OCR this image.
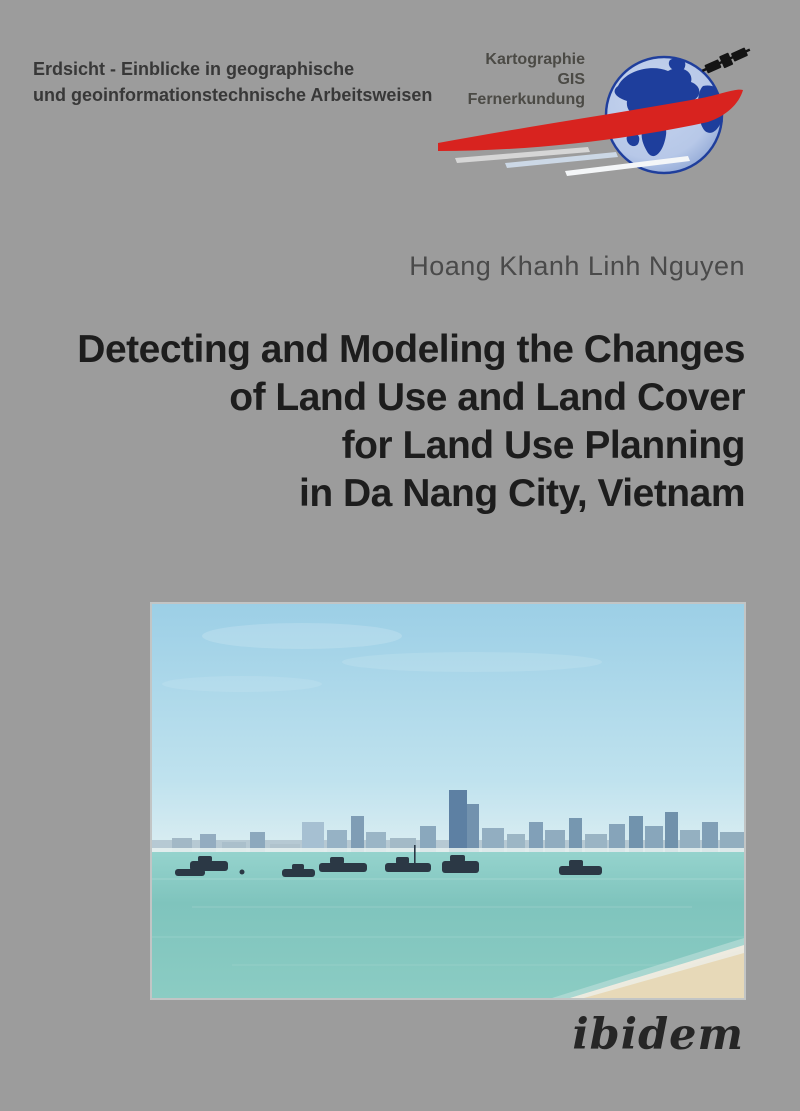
Erdsicht - Einblicke in geographische
und geoinformationstechnische Arbeitsweisen
Kartographie
GIS
Fernerkundung
Hoang Khanh Linh Nguyen
Detecting and Modeling the Changes
of Land Use and Land Cover
for Land Use Planning
in Da Nang City, Vietnam
ibidem
